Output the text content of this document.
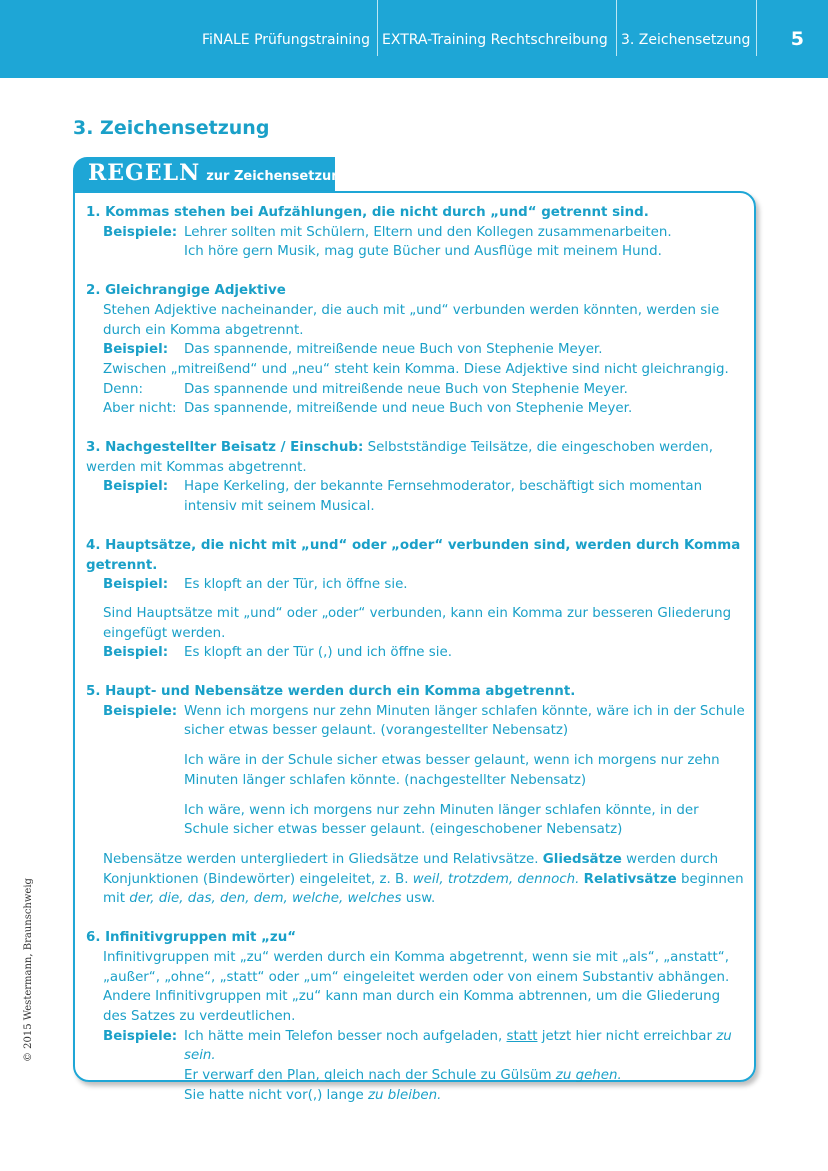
FiNALE Prüfungstraining EXTRA-Training Rechtschreibung 3. Zeichensetzung 5
3. Zeichensetzung
REGELN zur Zeichensetzung
1. Kommas stehen bei Aufzählungen, die nicht durch „und“ getrennt sind.
Beispiele: Lehrer sollten mit Schülern, Eltern und den Kollegen zusammenarbeiten.
Ich höre gern Musik, mag gute Bücher und Ausflüge mit meinem Hund.
2. Gleichrangige Adjektive
Stehen Adjektive nacheinander, die auch mit „und“ verbunden werden könnten, werden sie durch ein Komma abgetrennt.
Beispiel:	Das spannende, mitreißende neue Buch von Stephenie Meyer.
Zwischen „mitreißend“ und „neu“ steht kein Komma. Diese Adjektive sind nicht gleichrangig.
Denn:	Das spannende und mitreißende neue Buch von Stephenie Meyer.
Aber nicht: Das spannende, mitreißende und neue Buch von Stephenie Meyer.
3. Nachgestellter Beisatz / Einschub: Selbstständige Teilsätze, die eingeschoben werden, werden mit Kommas abgetrennt.
Beispiel:	Hape Kerkeling, der bekannte Fernsehmoderator, beschäftigt sich momentan intensiv mit seinem Musical.
4. Hauptsätze, die nicht mit „und“ oder „oder“ verbunden sind, werden durch Komma getrennt.
Beispiel:	Es klopft an der Tür, ich öffne sie.
Sind Hauptsätze mit „und“ oder „oder“ verbunden, kann ein Komma zur besseren Gliederung eingefügt werden.
Beispiel:	Es klopft an der Tür (,) und ich öffne sie.
5. Haupt- und Nebensätze werden durch ein Komma abgetrennt.
Beispiele: Wenn ich morgens nur zehn Minuten länger schlafen könnte, wäre ich in der Schule sicher etwas besser gelaunt. (vorangestellter Nebensatz)
Ich wäre in der Schule sicher etwas besser gelaunt, wenn ich morgens nur zehn Minuten länger schlafen könnte. (nachgestellter Nebensatz)
Ich wäre, wenn ich morgens nur zehn Minuten länger schlafen könnte, in der Schule sicher etwas besser gelaunt. (eingeschobener Nebensatz)
Nebensätze werden untergliedert in Gliedsätze und Relativsätze. Gliedsätze werden durch Konjunktionen (Bindewörter) eingeleitet, z. B. weil, trotzdem, dennoch. Relativsätze beginnen mit der, die, das, den, dem, welche, welches usw.
6. Infinitivgruppen mit „zu“
Infinitivgruppen mit „zu“ werden durch ein Komma abgetrennt, wenn sie mit „als“, „anstatt“, „außer“, „ohne“, „statt“ oder „um“ eingeleitet werden oder von einem Substantiv abhängen.
Andere Infinitivgruppen mit „zu“ kann man durch ein Komma abtrennen, um die Gliederung des Satzes zu verdeutlichen.
Beispiele: Ich hätte mein Telefon besser noch aufgeladen, statt jetzt hier nicht erreichbar zu sein.
Er verwarf den Plan, gleich nach der Schule zu Gülsüm zu gehen.
Sie hatte nicht vor(,) lange zu bleiben.
© 2015 Westermann, Braunschweig
